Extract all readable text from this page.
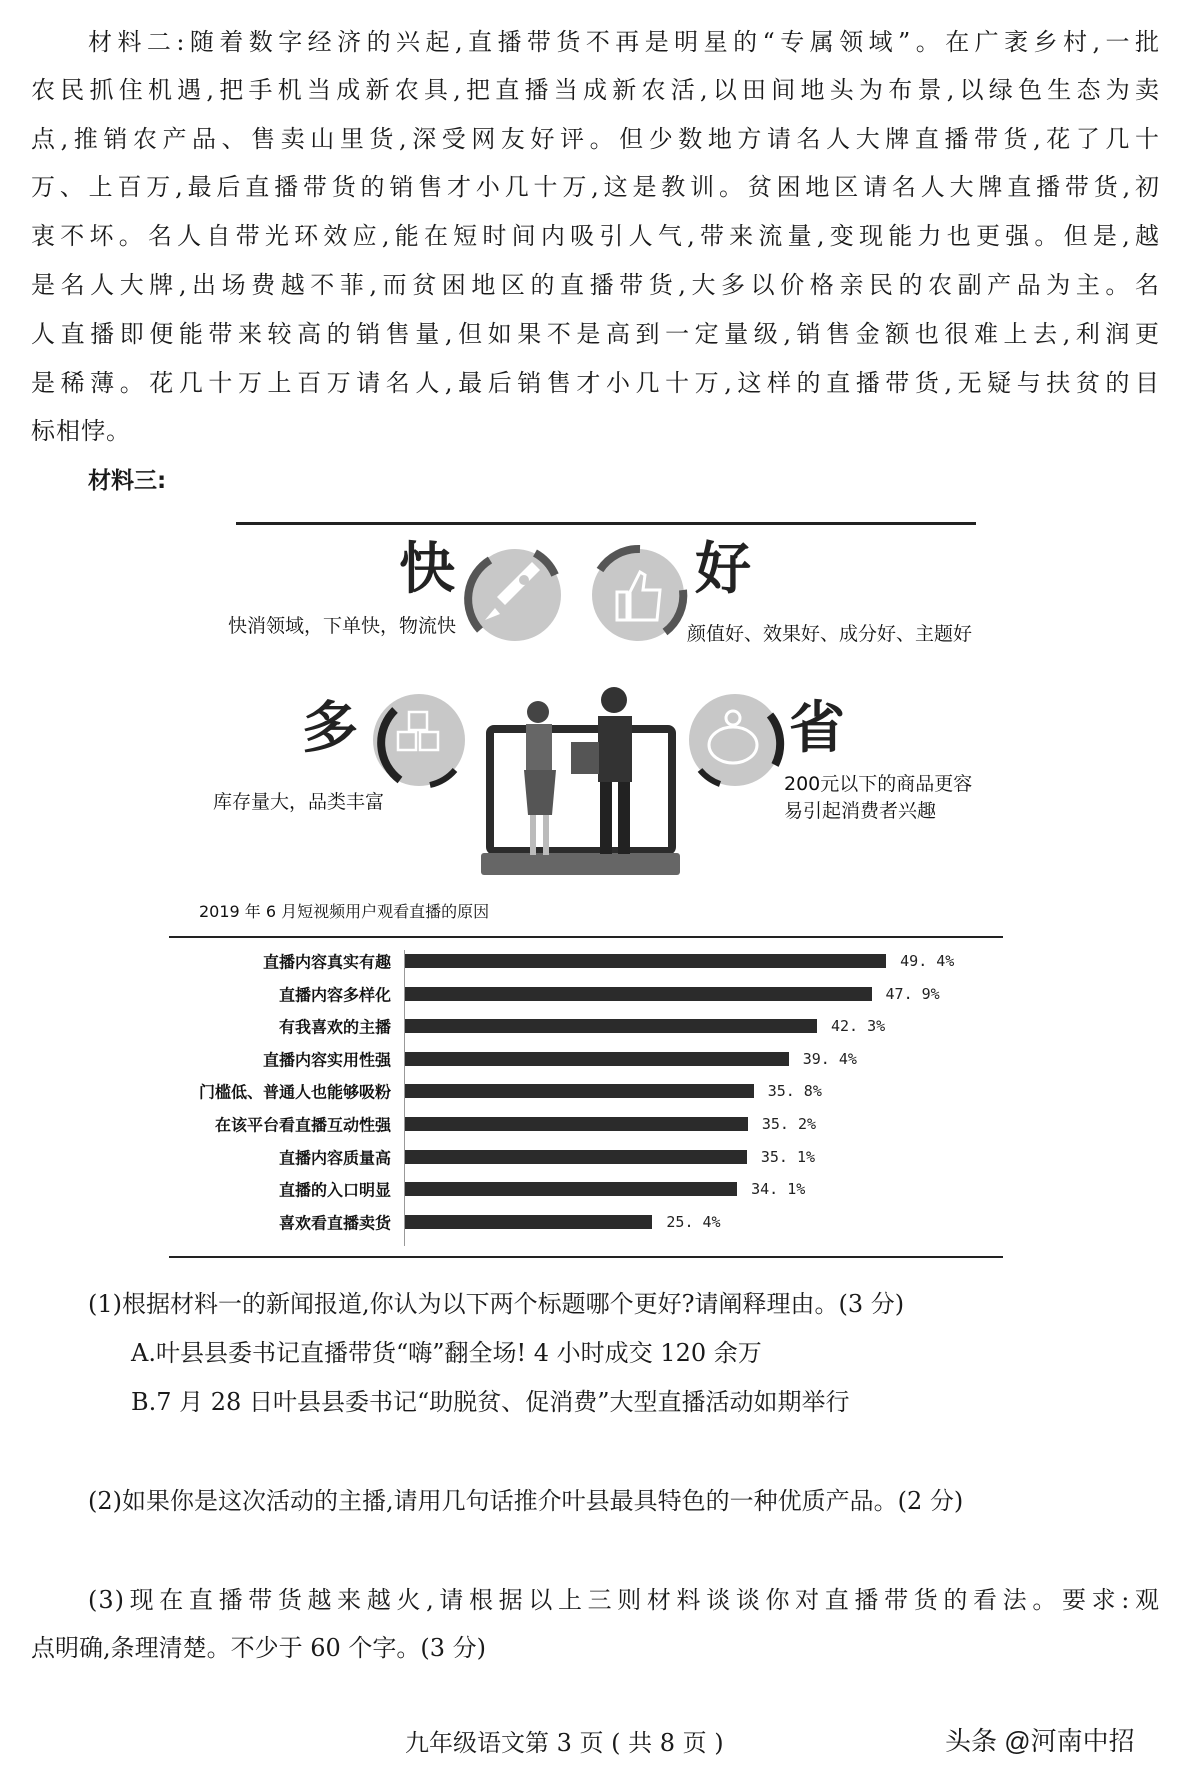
材料二:随着数字经济的兴起,直播带货不再是明星的“专属领域”。在广袤乡村,一批
农民抓住机遇,把手机当成新农具,把直播当成新农活,以田间地头为布景,以绿色生态为卖
点,推销农产品、售卖山里货,深受网友好评。但少数地方请名人大牌直播带货,花了几十
万、上百万,最后直播带货的销售才小几十万,这是教训。贫困地区请名人大牌直播带货,初
衷不坏。名人自带光环效应,能在短时间内吸引人气,带来流量,变现能力也更强。但是,越
是名人大牌,出场费越不菲,而贫困地区的直播带货,大多以价格亲民的农副产品为主。名
人直播即便能带来较高的销售量,但如果不是高到一定量级,销售金额也很难上去,利润更
是稀薄。花几十万上百万请名人,最后销售才小几十万,这样的直播带货,无疑与扶贫的目
标相悖。
材料三:
快
快消领域，下单快，物流快
好
颜值好、效果好、成分好、主题好
多
库存量大，品类丰富
省
200元以下的商品更容
易引起消费者兴趣
2019 年 6 月短视频用户观看直播的原因
直播内容真实有趣	49. 4%
直播内容多样化	47. 9%
有我喜欢的主播	42. 3%
直播内容实用性强	39. 4%
门槛低、普通人也能够吸粉	35. 8%
在该平台看直播互动性强	35. 2%
直播内容质量高	35. 1%
直播的入口明显	34. 1%
喜欢看直播卖货	25. 4%
(1)根据材料一的新闻报道,你认为以下两个标题哪个更好?请阐释理由。(3 分)
A.叶县县委书记直播带货“嗨”翻全场! 4 小时成交 120 余万
B.7 月 28 日叶县县委书记“助脱贫、促消费”大型直播活动如期举行
(2)如果你是这次活动的主播,请用几句话推介叶县最具特色的一种优质产品。(2 分)
(3)现在直播带货越来越火,请根据以上三则材料谈谈你对直播带货的看法。要求:观
点明确,条理清楚。不少于 60 个字。(3 分)
九年级语文第 3 页 ( 共 8 页 )	头条 @河南中招
